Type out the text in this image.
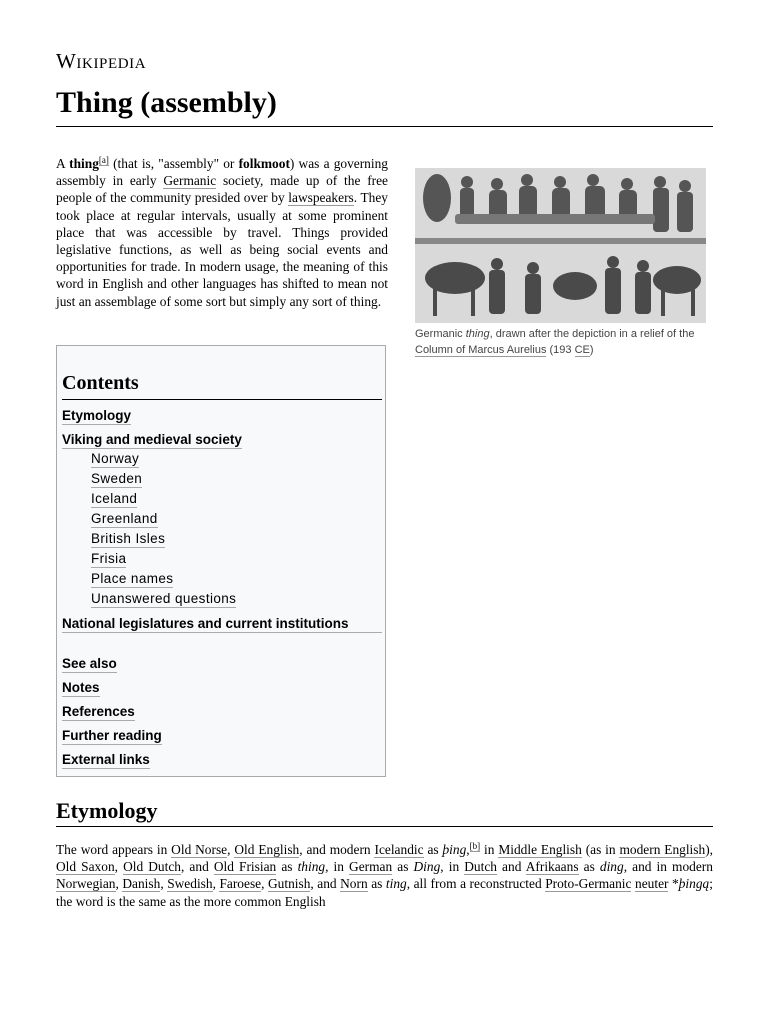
Wikipedia
Thing (assembly)
A thing[a] (that is, "assembly" or folkmoot) was a governing assembly in early Germanic society, made up of the free people of the community presided over by lawspeakers. They took place at regular intervals, usually at some prominent place that was accessible by travel. Things provided legislative functions, as well as being social events and opportunities for trade. In modern usage, the meaning of this word in English and other languages has shifted to mean not just an assemblage of some sort but simply any sort of thing.
Germanic thing, drawn after the depiction in a relief of the Column of Marcus Aurelius (193 CE)
Contents
Etymology
Viking and medieval society
Norway
Sweden
Iceland
Greenland
British Isles
Frisia
Place names
Unanswered questions
National legislatures and current institutions
See also
Notes
References
Further reading
External links
Etymology
The word appears in Old Norse, Old English, and modern Icelandic as þing,[b] in Middle English (as in modern English), Old Saxon, Old Dutch, and Old Frisian as thing, in German as Ding, in Dutch and Afrikaans as ding, and in modern Norwegian, Danish, Swedish, Faroese, Gutnish, and Norn as ting, all from a reconstructed Proto-Germanic neuter *þingą; the word is the same as the more common English
